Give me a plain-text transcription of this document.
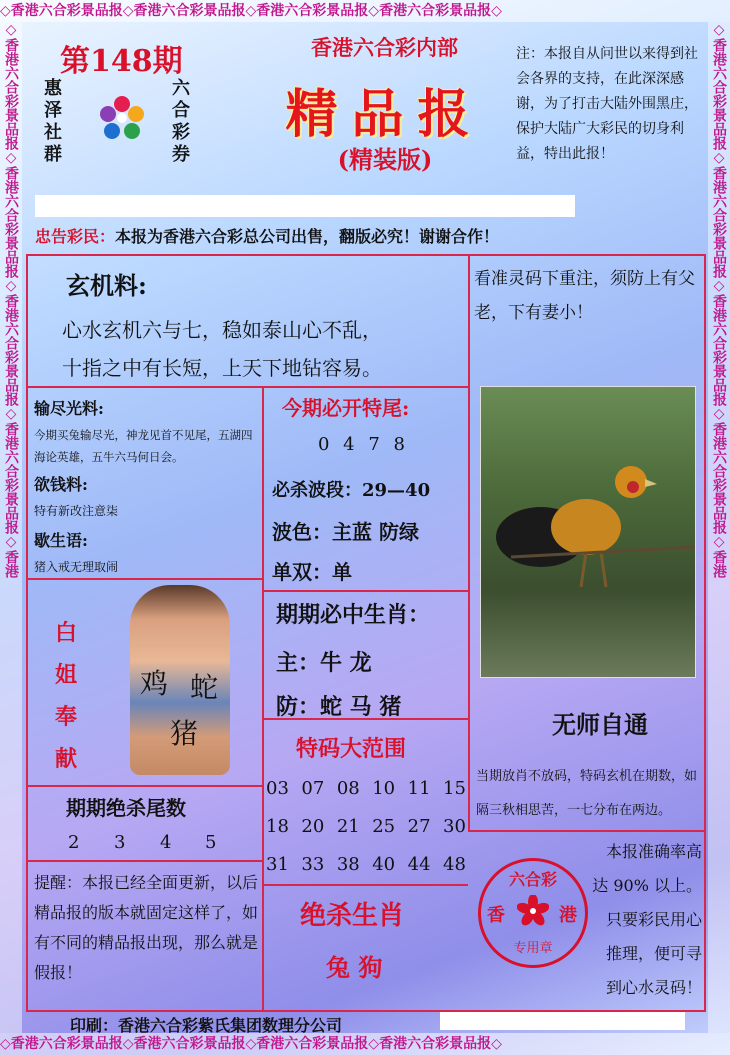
◇香港六合彩景品报◇香港六合彩景品报◇香港六合彩景品报◇香港六合彩景品报◇
◇香港六合彩景品报◇香港六合彩景品报◇香港六合彩景品报◇香港六合彩景品报◇
◇香港六合彩景品报◇香港六合彩景品报◇香港六合彩景品报◇香港六合彩景品报◇香港	◇香港六合彩景品报◇香港六合彩景品报◇香港六合彩景品报◇香港六合彩景品报◇香港
第148期
惠
泽
社
群
六
合
彩
券
香港六合彩内部
精品报
(精装版)
注：本报自从问世以来得到社会各界的支持，在此深深感谢，为了打击大陆外围黑庄，保护大陆广大彩民的切身利益，特出此报！
忠告彩民：本报为香港六合彩总公司出售，翻版必究！谢谢合作！
玄机料:
心水玄机六与七，稳如泰山心不乱，
十指之中有长短，上天下地钻容易。
输尽光料:
今期买兔输尽光，神龙见首不见尾，五湖四海论英雄，五牛六马何日会。
欲钱料:
特有新改注意柒
歇生语:
猪入戒无理取闹
白
姐
奉
献
鸡 蛇
猪
期期绝杀尾数
2 3 4 5
提醒：本报已经全面更新，以后精品报的版本就固定这样了，如有不同的精品报出现，那么就是假报！
今期必开特尾:
0 4 7 8
必杀波段：29—40
波色：主蓝 防绿
单双：单
期期必中生肖：
主：牛 龙
防：蛇 马 猪
特码大范围
03 07 08 10 11 15
18 20 21 25 27 30
31 33 38 40 44 48
绝杀生肖
兔 狗
看准灵码下重注，须防上有父老，下有妻小！
无师自通
当期放肖不放码，特码玄机在期数，如隔三秋相思苦，一七分布在两边。
本报准确率高
达 90% 以上。
只要彩民用心
推理，便可寻
到心水灵码！
六合彩
香	港
专用章
印刷：香港六合彩紫氏集团数理分公司
